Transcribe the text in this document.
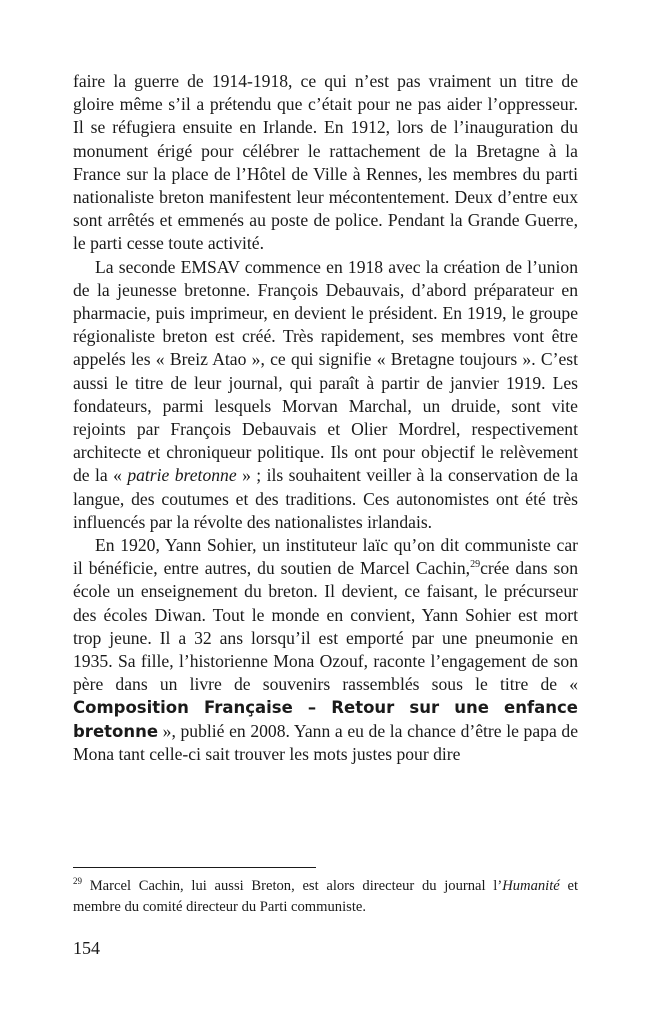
faire la guerre de 1914-1918, ce qui n’est pas vraiment un titre de gloire même s’il a prétendu que c’était pour ne pas aider l’oppresseur. Il se réfugiera ensuite en Irlande. En 1912, lors de l’inauguration du monument érigé pour célébrer le rattachement de la Bretagne à la France sur la place de l’Hôtel de Ville à Rennes, les membres du parti nationaliste breton manifestent leur mécontentement. Deux d’entre eux sont arrêtés et emmenés au poste de police. Pendant la Grande Guerre, le parti cesse toute activité.

La seconde EMSAV commence en 1918 avec la création de l’union de la jeunesse bretonne. François Debauvais, d’abord préparateur en pharmacie, puis imprimeur, en devient le président. En 1919, le groupe régionaliste breton est créé. Très rapidement, ses membres vont être appelés les « Breiz Atao », ce qui signifie « Bretagne toujours ». C’est aussi le titre de leur journal, qui paraît à partir de janvier 1919. Les fondateurs, parmi lesquels Morvan Marchal, un druide, sont vite rejoints par François Debauvais et Olier Mordrel, respectivement architecte et chroniqueur politique. Ils ont pour objectif le relèvement de la « patrie bretonne » ; ils souhaitent veiller à la conservation de la langue, des coutumes et des traditions. Ces autonomistes ont été très influencés par la révolte des nationalistes irlandais.

En 1920, Yann Sohier, un instituteur laïc qu’on dit communiste car il bénéficie, entre autres, du soutien de Marcel Cachin,$^{29}$crée dans son école un enseignement du breton. Il devient, ce faisant, le précurseur des écoles Diwan. Tout le monde en convient, Yann Sohier est mort trop jeune. Il a 32 ans lorsqu’il est emporté par une pneumonie en 1935. Sa fille, l’historienne Mona Ozouf, raconte l’engagement de son père dans un livre de souvenirs rassemblés sous le titre de « Composition Française – Retour sur une enfance bretonne », publié en 2008. Yann a eu de la chance d’être le papa de Mona tant celle-ci sait trouver les mots justes pour dire

$^{29}$ Marcel Cachin, lui aussi Breton, est alors directeur du journal l’Humanité et membre du comité directeur du Parti communiste.
154
